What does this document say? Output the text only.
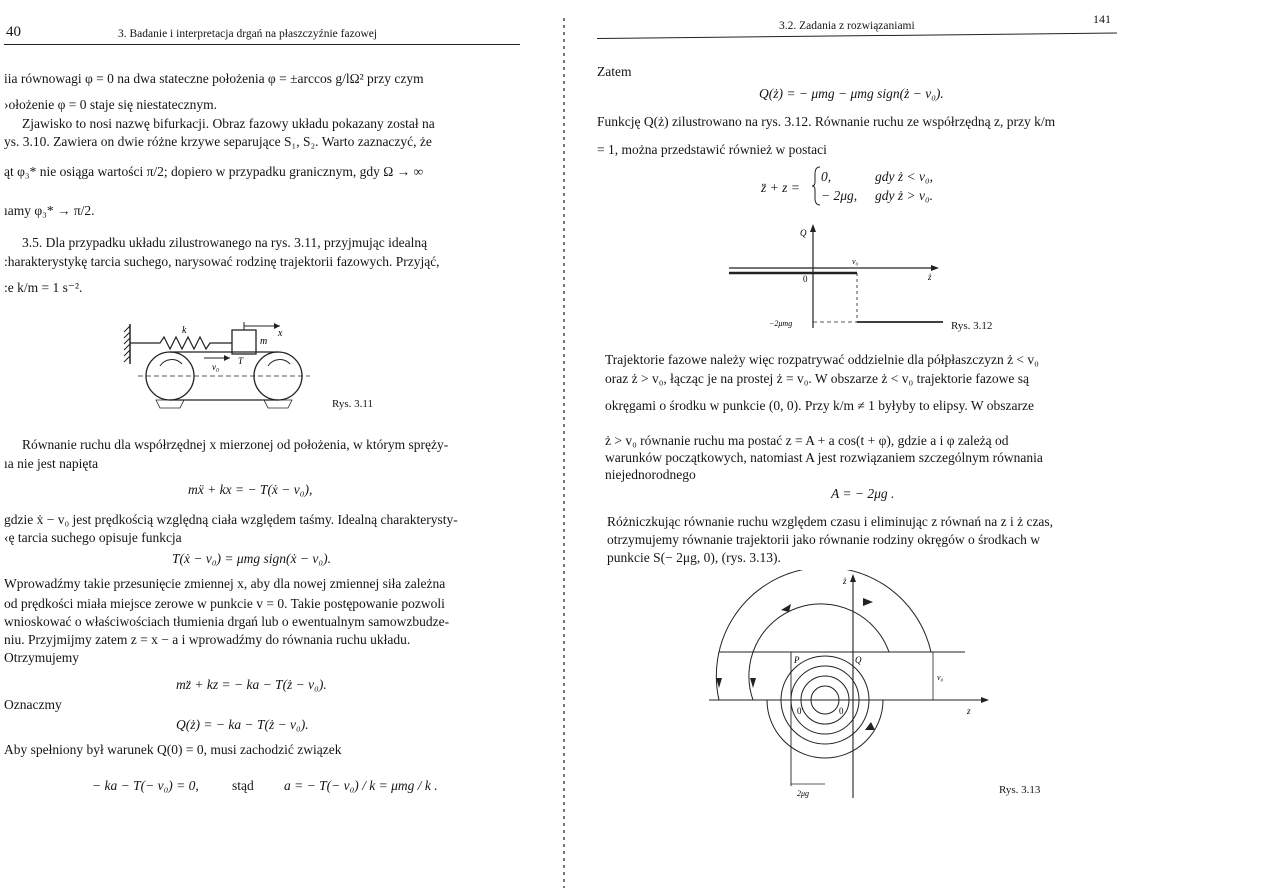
40	3. Badanie i interpretacja drgań na płaszczyźnie fazowej
iia równowagi φ = 0 na dwa stateczne położenia φ = ±arccos g/lΩ² przy czym
›ołożenie φ = 0 staje się niestatecznym.
Zjawisko to nosi nazwę bifurkacji. Obraz fazowy układu pokazany został na
ys. 3.10. Zawiera on dwie różne krzywe separujące S₁, S₂. Warto zaznaczyć, że
ąt φ₃* nie osiąga wartości π/2; dopiero w przypadku granicznym, gdy Ω → ∞
ıamy φ₃* → π/2.
3.5. Dla przypadku układu zilustrowanego na rys. 3.11, przyjmując idealną
:harakterystykę tarcia suchego, narysować rodzinę trajektorii fazowych. Przyjąć,
:e k/m = 1 s⁻².
k
m
x
v₀
T
Rys. 3.11
Równanie ruchu dla współrzędnej x mierzonej od położenia, w którym spręży-
ıa nie jest napięta
mẍ + kx = − T(ẋ − v₀),
gdzie ẋ − v₀ jest prędkością względną ciała względem taśmy. Idealną charakterysty-
‹ę tarcia suchego opisuje funkcja
T(ẋ − v₀) = μmg sign(ẋ − v₀).
Wprowadźmy takie przesunięcie zmiennej x, aby dla nowej zmiennej siła zależna
od prędkości miała miejsce zerowe w punkcie v = 0. Takie postępowanie pozwoli
wnioskować o właściwościach tłumienia drgań lub o ewentualnym samowzbudze-
niu. Przyjmijmy zatem z = x − a i wprowadźmy do równania ruchu układu.
Otrzymujemy
mz̈ + kz = − ka − T(ż − v₀).
Oznaczmy
Q(ż) = − ka − T(ż − v₀).
Aby spełniony był warunek Q(0) = 0, musi zachodzić związek
− ka − T(− v₀) = 0, stąd a = − T(− v₀) / k = μmg / k .
3.2. Zadania z rozwiązaniami	141
Zatem
Q(ż) = − μmg − μmg sign(ż − v₀).
Funkcję Q(ż) zilustrowano na rys. 3.12. Równanie ruchu ze współrzędną z, przy k/m
= 1, można przedstawić również w postaci
z̈ + z =
0,	gdy ż < v₀,
− 2μg, gdy ż > v₀.
Q
v₀
ż
0
−2μmg	Rys. 3.12
Trajektorie fazowe należy więc rozpatrywać oddzielnie dla półpłaszczyzn ż < v₀
oraz ż > v₀, łącząc je na prostej ż = v₀. W obszarze ż < v₀ trajektorie fazowe są
okręgami o środku w punkcie (0, 0). Przy k/m ≠ 1 byłyby to elipsy. W obszarze
ż > v₀ równanie ruchu ma postać z = A + a cos(t + φ), gdzie a i φ zależą od
warunków początkowych, natomiast A jest rozwiązaniem szczególnym równania
niejednorodnego
A = − 2μg .
Różniczkując równanie ruchu względem czasu i eliminując z równań na z i ż czas,
otrzymujemy równanie trajektorii jako równanie rodziny okręgów o środkach w
punkcie S(− 2μg, 0), (rys. 3.13).
ż
z
P	Q
v₀
0'	0
2μg	Rys. 3.13
